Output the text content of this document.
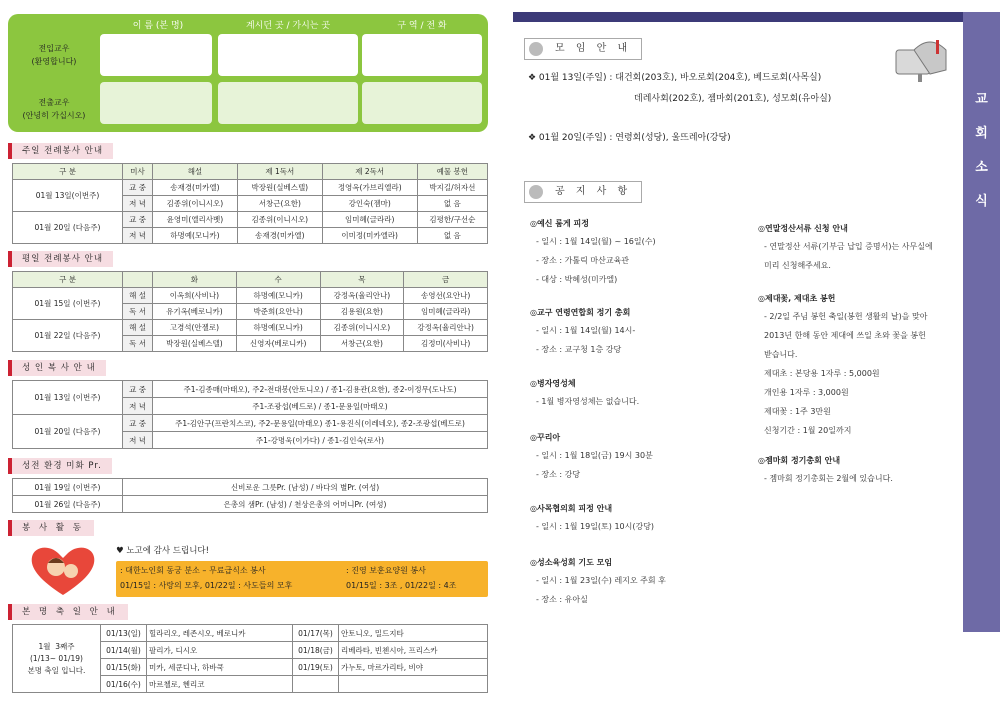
이 름 (본 명)	계시던 곳 / 가시는 곳	구 역 / 전 화
전입교우
(환영합니다)
전출교우
(안녕히 가십시오)
주일 전례봉사 안내
구 분	미사	해설	제 1독서	제 2독서	예물 봉헌
01월 13일(이번주)	교 중	송재경(미카엘)	박장원(실베스텔)	정영옥(가브리엘라)	박지길/허자선
	저 녁	김종위(이니시오)	서창근(요한)	강인숙(젬마)	없 음
01월 20일 (다음주)	교 중	윤영미(엘리사벳)	김종위(이니시오)	임미혜(글라라)	김평한/구선순
	저 녁	하명예(모니카)	송재경(미카엘)	이미정(미카엘라)	없 음
평일 전례봉사 안내
구 분		화	수	목	금
01월 15일 (이번주)	해 설	이옥희(사비나)	하명예(모니카)	강정옥(율리안나)	송영선(요안나)
	독 서	유기옥(베로니카)	박준희(요안나)	김용원(요한)	임미혜(글라라)
01월 22일 (다음주)	해 설	고경석(안젤로)	하명예(모니카)	김종위(이니시오)	강정옥(율리안나)
	독 서	박장원(실베스텔)	신영자(베로니카)	서창근(요한)	김정미(사비나)
성 인 복 사 안 내
01월 13일 (이번주)	교 중	주1-김종매(마태오), 주2-전대봉(안토니오) / 종1-김용관(요한), 종2-이정무(도나도)
	저 녁	주1-조광섭(베드로) / 종1-문용일(마태오)
01월 20일 (다음주)	교 중	주1-김안구(프란치스코), 주2-문용일(마태오) 종1-용진식(이레네오), 종2-조광섭(베드로)
	저 녁	주1-강명욱(이가다) / 종1-김인숙(로사)
성전 환경 미화 Pr.
01월 19일 (이번주)	신비로운 그릇Pr. (남성) / 바다의 별Pr. (여성)
01월 26일 (다음주)	은총의 샘Pr. (남성) / 천상은총의 어머니Pr. (여성)
봉 사 활 동
♥ 노고에 감사 드립니다!
: 대한노인회 동궁 분소 – 무료급식소 봉사
01/15일 : 사랑의 모후, 01/22일 : 사도들의 모후
: 진영 보훈요양원 봉사
01/15일 : 3조 , 01/22일 : 4조
본 명 축 일 안 내
1월  3째주
(1/13~ 01/19)
본명 축일 입니다.	01/13(일)	힐라리오, 레존시오, 베로니카	01/17(목)	안토니오, 밀드지타
	01/14(월)	팔리가, 디시오	01/18(금)	리베라타, 빈첸시아, 프리스카
	01/15(화)	미카, 세쿤디나, 하바쿡	01/19(토)	가누토, 마르가리타, 비야
	01/16(수)	마르첼로, 헨리코		
교
회
소
식
모 임 안 내
❖ 01월 13일(주일) : 대건회(203호), 바오로회(204호), 베드로회(사목실)
데레사회(202호), 젬마회(201호), 성모회(유아실)
❖ 01월 20일(주일) : 연령회(성당), 울뜨레아(강당)
공 지 사 항
◎예신 룸게 피정
- 일시 : 1월 14일(월) ~ 16일(수)
- 장소 : 가톨릭 마산교육관
- 대상 : 박혜성(미카엘)
◎교구 연령연합회 정기 총회
- 일시 : 1월 14일(월) 14시-
- 장소 : 교구청 1층 강당
◎병자영성체
- 1월 병자영성체는 없습니다.
◎꾸리아
- 일시 : 1월 18일(금) 19시 30분
- 장소 : 강당
◎사목협의회 피정 안내
- 일시 : 1월 19일(토) 10시(강당)
◎성소육성회 기도 모임
- 일시 : 1월 23일(수) 레지오 주회 후
- 장소 : 유아실
◎연말정산서류 신청 안내
- 연말정산 서류(기부금 납입 증명서)는 사무실에
미리 신청해주세요.
◎제대꽃, 제대초 봉헌
- 2/2일 주님 봉헌 축일(봉헌 생활의 날)을 맞아
2013년 한해 동안 제대에 쓰일 초와 꽃을 봉헌
받습니다.
제대초 : 본당용 1자루 : 5,000원
개인용 1자루 : 3,000원
제대꽃 : 1주 3만원
신청기간 : 1월 20일까지
◎젬마회 정기총회 안내
- 젬마회 정기총회는 2월에 있습니다.
